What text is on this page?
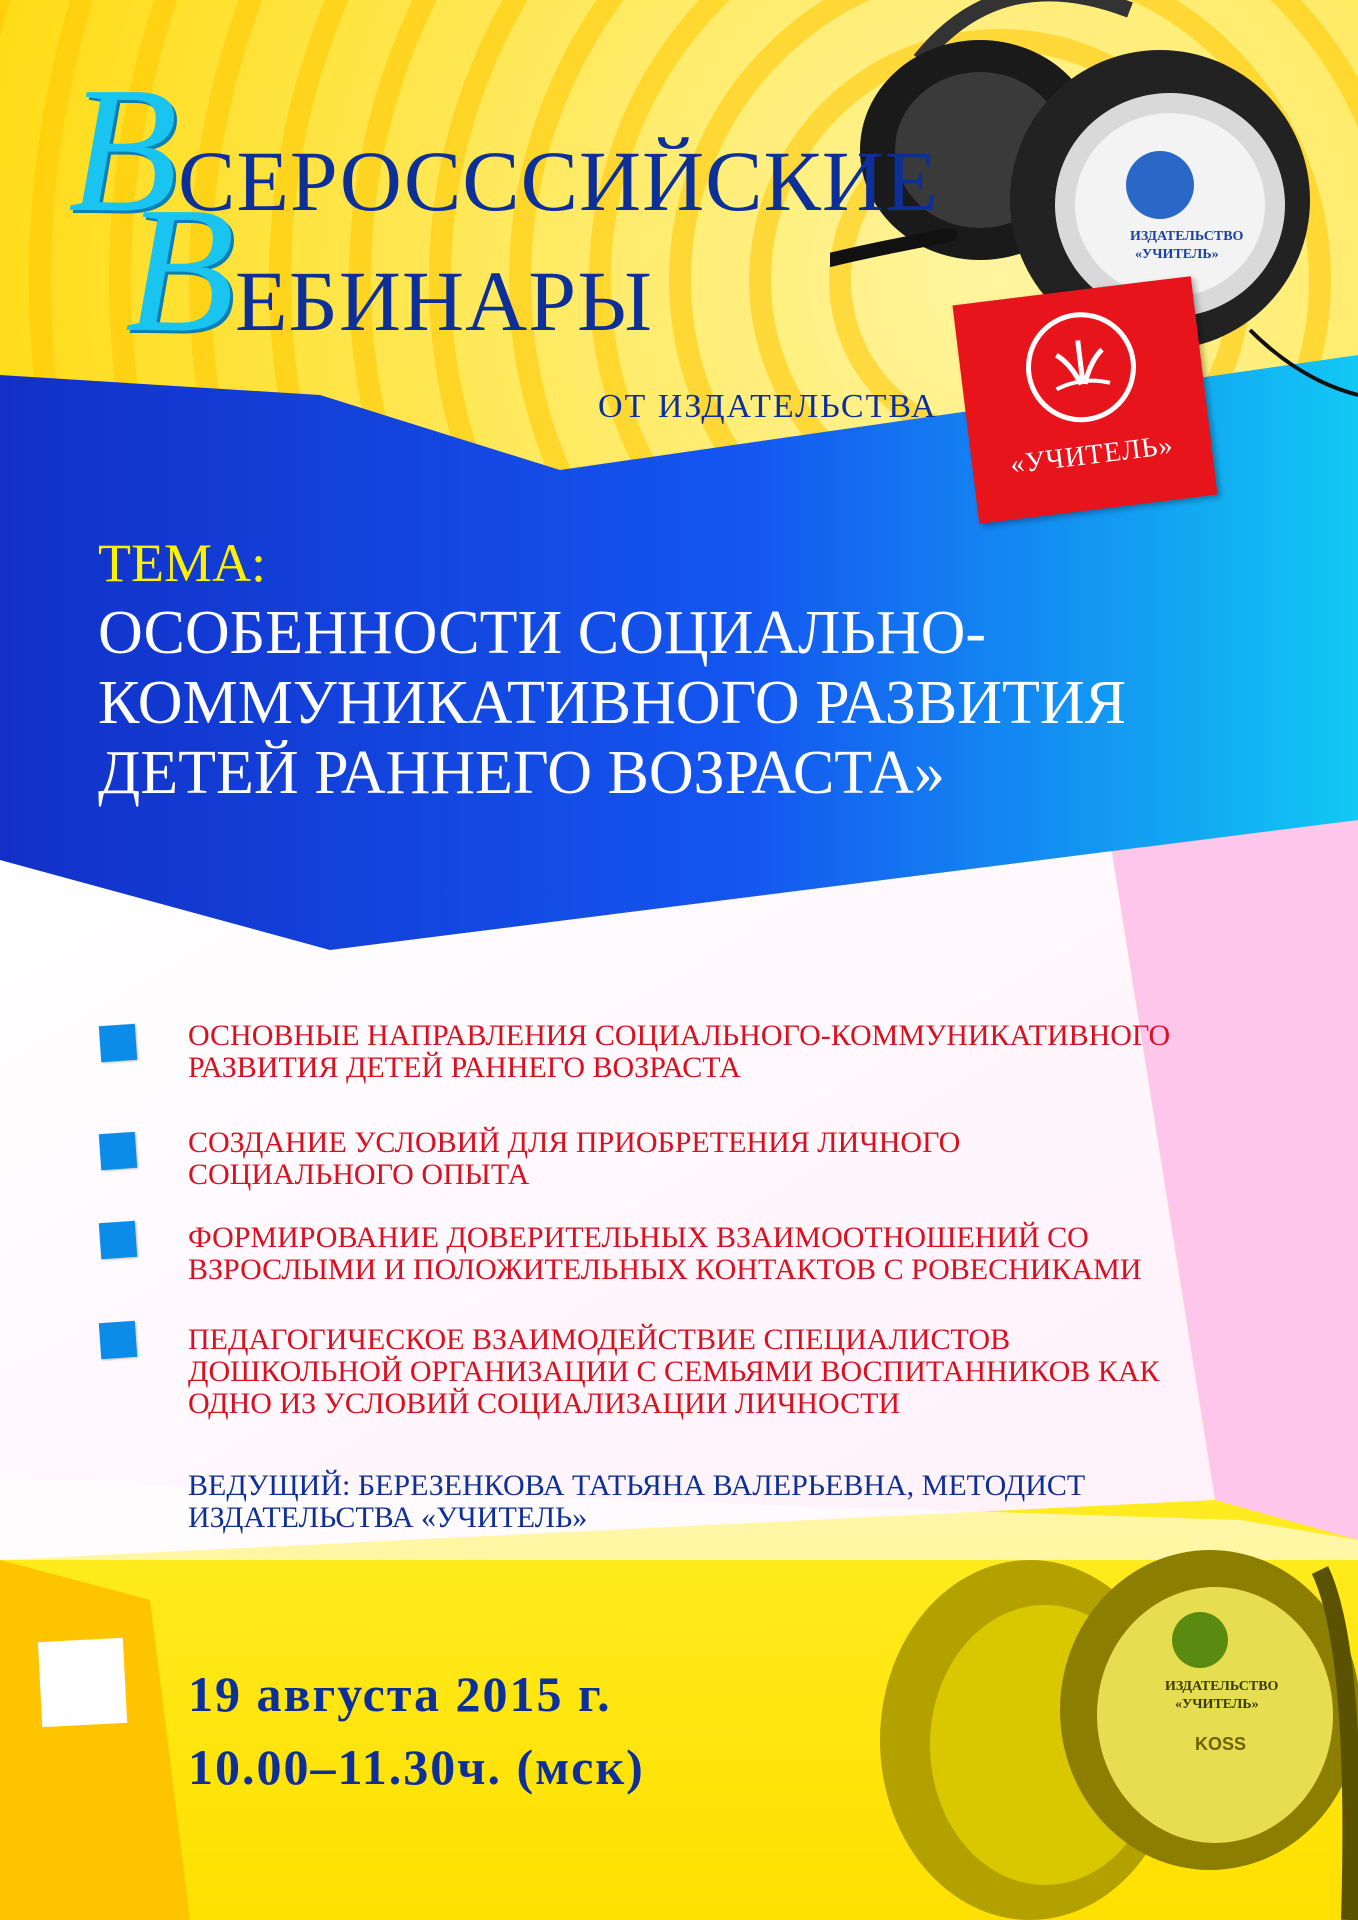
ИЗДАТЕЛЬСТВО
«УЧИТЕЛЬ»
ИЗДАТЕЛЬСТВО
«УЧИТЕЛЬ»
KOSS
ВСЕРОСССИЙСКИЕ
ВЕБИНАРЫ
ОТ ИЗДАТЕЛЬСТВА
«УЧИТЕЛЬ»
ТЕМА:
ОСОБЕННОСТИ СОЦИАЛЬНО-
КОММУНИКАТИВНОГО РАЗВИТИЯ
ДЕТЕЙ РАННЕГО ВОЗРАСТА»
ОСНОВНЫЕ НАПРАВЛЕНИЯ СОЦИАЛЬНОГО-КОММУНИКАТИВНОГО
РАЗВИТИЯ ДЕТЕЙ РАННЕГО ВОЗРАСТА
СОЗДАНИЕ УСЛОВИЙ ДЛЯ ПРИОБРЕТЕНИЯ ЛИЧНОГО
СОЦИАЛЬНОГО ОПЫТА
ФОРМИРОВАНИЕ ДОВЕРИТЕЛЬНЫХ ВЗАИМООТНОШЕНИЙ СО
ВЗРОСЛЫМИ И ПОЛОЖИТЕЛЬНЫХ КОНТАКТОВ С РОВЕСНИКАМИ
ПЕДАГОГИЧЕСКОЕ ВЗАИМОДЕЙСТВИЕ СПЕЦИАЛИСТОВ
ДОШКОЛЬНОЙ ОРГАНИЗАЦИИ С СЕМЬЯМИ ВОСПИТАННИКОВ КАК
ОДНО ИЗ УСЛОВИЙ СОЦИАЛИЗАЦИИ ЛИЧНОСТИ
ВЕДУЩИЙ: БЕРЕЗЕНКОВА ТАТЬЯНА ВАЛЕРЬЕВНА, МЕТОДИСТ
ИЗДАТЕЛЬСТВА «УЧИТЕЛЬ»
19 августа 2015 г.
10.00–11.30ч. (мск)
